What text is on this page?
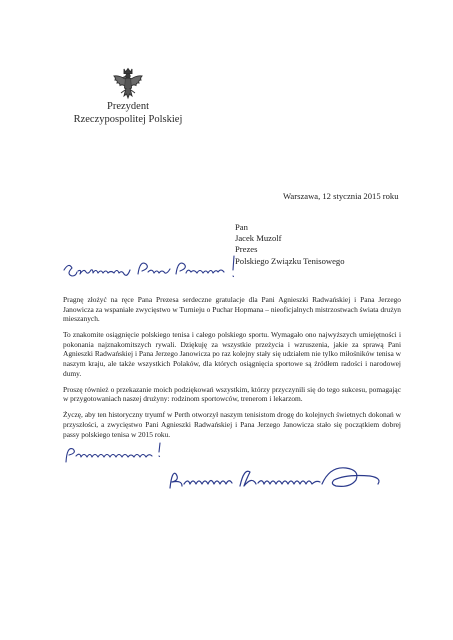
Prezydent
Rzeczypospolitej Polskiej
Warszawa, 12 stycznia 2015 roku
Pan
Jacek Muzolf
Prezes
Polskiego Związku Tenisowego

Pragnę złożyć na ręce Pana Prezesa serdeczne gratulacje dla Pani Agnieszki Radwańskiej i Pana Jerzego Janowicza za wspaniałe zwycięstwo w Turnieju o Puchar Hopmana – nieoficjalnych mistrzostwach świata drużyn mieszanych.

To znakomite osiągnięcie polskiego tenisa i całego polskiego sportu. Wymagało ono najwyższych umiejętności i pokonania najznakomitszych rywali. Dziękuję za wszystkie przeżycia i wzruszenia, jakie za sprawą Pani Agnieszki Radwańskiej i Pana Jerzego Janowicza po raz kolejny stały się udziałem nie tylko miłośników tenisa w naszym kraju, ale także wszystkich Polaków, dla których osiągnięcia sportowe są źródłem radości i narodowej dumy.

Proszę również o przekazanie moich podziękowań wszystkim, którzy przyczynili się do tego sukcesu, pomagając w przygotowaniach naszej drużyny: rodzinom sportowców, trenerom i lekarzom.

Życzę, aby ten historyczny tryumf w Perth otworzył naszym tenisistom drogę do kolejnych świetnych dokonań w przyszłości, a zwycięstwo Pani Agnieszki Radwańskiej i Pana Jerzego Janowicza stało się początkiem dobrej passy polskiego tenisa w 2015 roku.
